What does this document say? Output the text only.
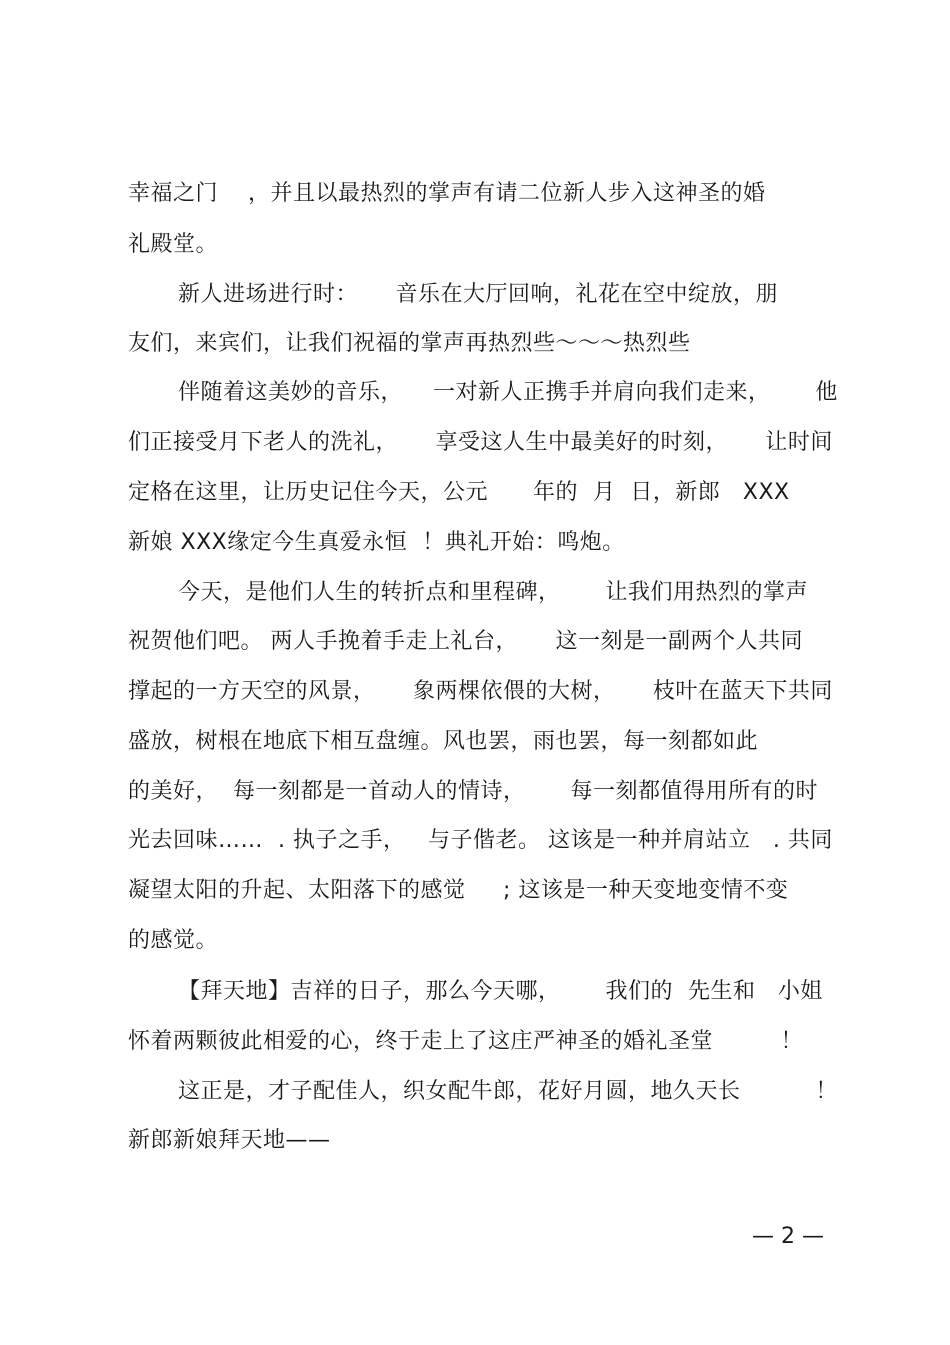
幸福之门    ，并且以最热烈的掌声有请二位新人步入这神圣的婚
礼殿堂。
新人进场进行时：     音乐在大厅回响，礼花在空中绽放，朋
友们，来宾们，让我们祝福的掌声再热烈些～～～热烈些
伴随着这美妙的音乐，    一对新人正携手并肩向我们走来，      他
们正接受月下老人的洗礼，     享受这人生中最美好的时刻，     让时间
定格在这里，让历史记住今天，公元      年的  月  日，新郎   XXX
新娘 XXX缘定今生真爱永恒  ！典礼开始：鸣炮。
今天，是他们人生的转折点和里程碑，      让我们用热烈的掌声
祝贺他们吧。 两人手挽着手走上礼台，     这一刻是一副两个人共同
撑起的一方天空的风景，     象两棵依偎的大树，     枝叶在蓝天下共同
盛放，树根在地底下相互盘缠。风也罢，雨也罢，每一刻都如此
的美好，  每一刻都是一首动人的情诗，      每一刻都值得用所有的时
光去回味……  . 执子之手，   与子偕老。 这该是一种并肩站立   . 共同
凝望太阳的升起、太阳落下的感觉     ; 这该是一种天变地变情不变
的感觉。
【拜天地】吉祥的日子，那么今天哪，      我们的  先生和   小姐
怀着两颗彼此相爱的心，终于走上了这庄严神圣的婚礼圣堂         ！
这正是，才子配佳人，织女配牛郎，花好月圆，地久天长          ！
新郎新娘拜天地——
— 2 —
